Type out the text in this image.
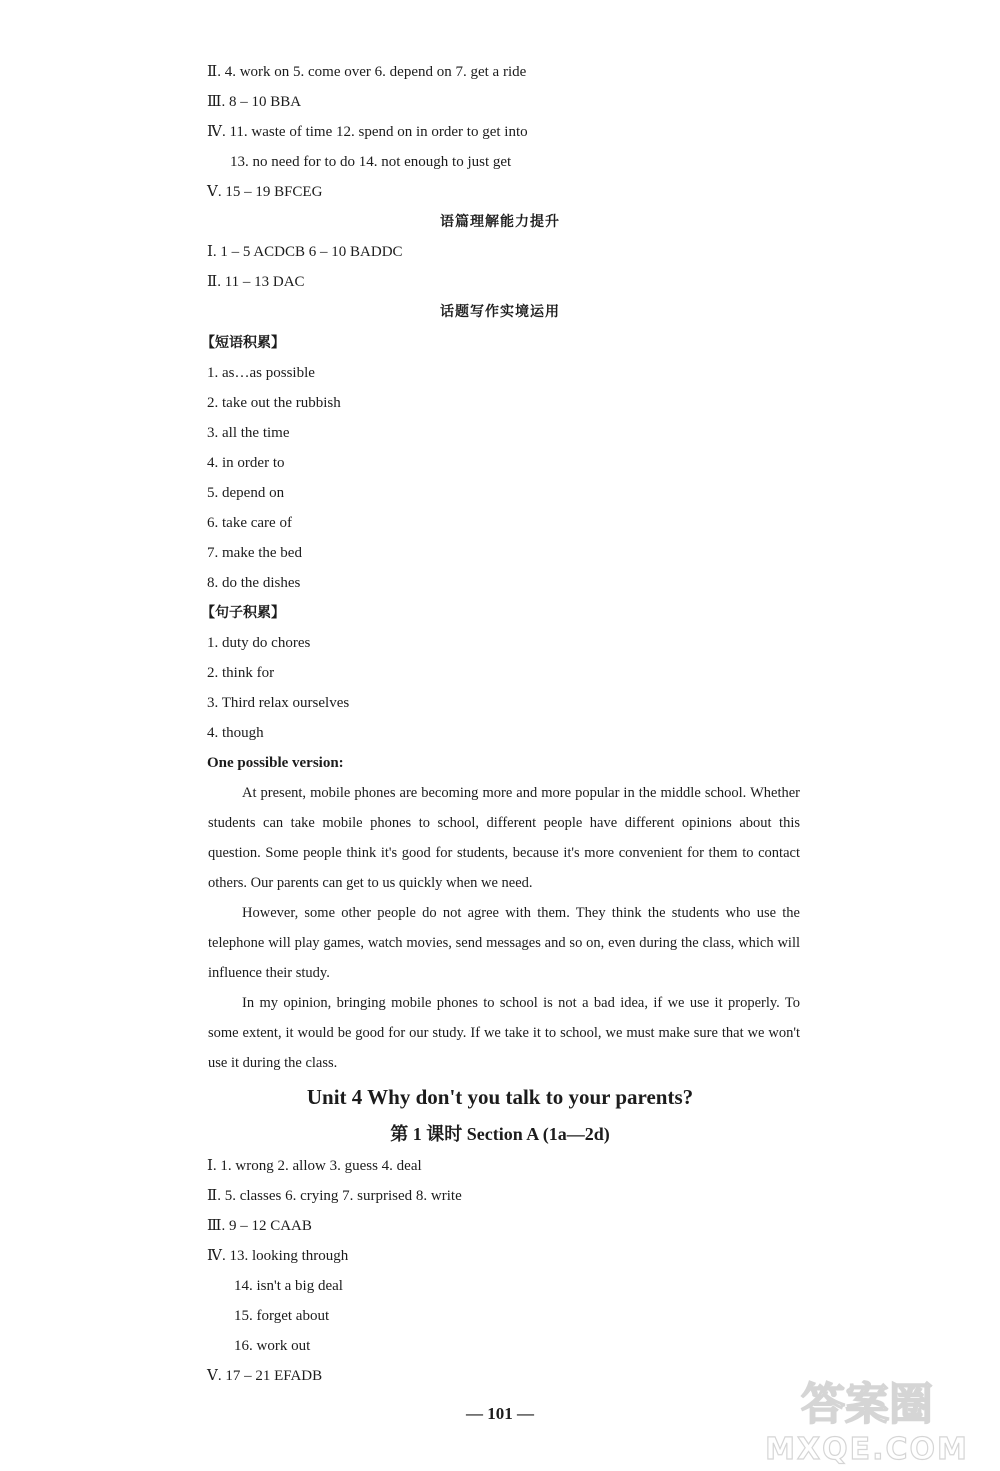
Ⅱ. 4. work on 5. come over 6. depend on 7. get a ride
Ⅲ. 8 – 10 BBA
Ⅳ. 11. waste of time 12. spend on in order to get into
13. no need for to do 14. not enough to just get
Ⅴ. 15 – 19 BFCEG
语篇理解能力提升
Ⅰ. 1 – 5 ACDCB 6 – 10 BADDC
Ⅱ. 11 – 13 DAC
话题写作实境运用
【短语积累】
1. as…as possible
2. take out the rubbish
3. all the time
4. in order to
5. depend on
6. take care of
7. make the bed
8. do the dishes
【句子积累】
1. duty do chores
2. think for
3. Third relax ourselves
4. though
One possible version:
At present, mobile phones are becoming more and more popular in the middle school. Whether students can take mobile phones to school, different people have different opinions about this question. Some people think it's good for students, because it's more convenient for them to contact others. Our parents can get to us quickly when we need.
However, some other people do not agree with them. They think the students who use the telephone will play games, watch movies, send messages and so on, even during the class, which will influence their study.
In my opinion, bringing mobile phones to school is not a bad idea, if we use it properly. To some extent, it would be good for our study. If we take it to school, we must make sure that we won't use it during the class.
Unit 4 Why don't you talk to your parents?
第 1 课时 Section A (1a—2d)
Ⅰ. 1. wrong 2. allow 3. guess 4. deal
Ⅱ. 5. classes 6. crying 7. surprised 8. write
Ⅲ. 9 – 12 CAAB
Ⅳ. 13. looking through
14. isn't a big deal
15. forget about
16. work out
Ⅴ. 17 – 21 EFADB
— 101 —	答案圈
MXQE.COM
